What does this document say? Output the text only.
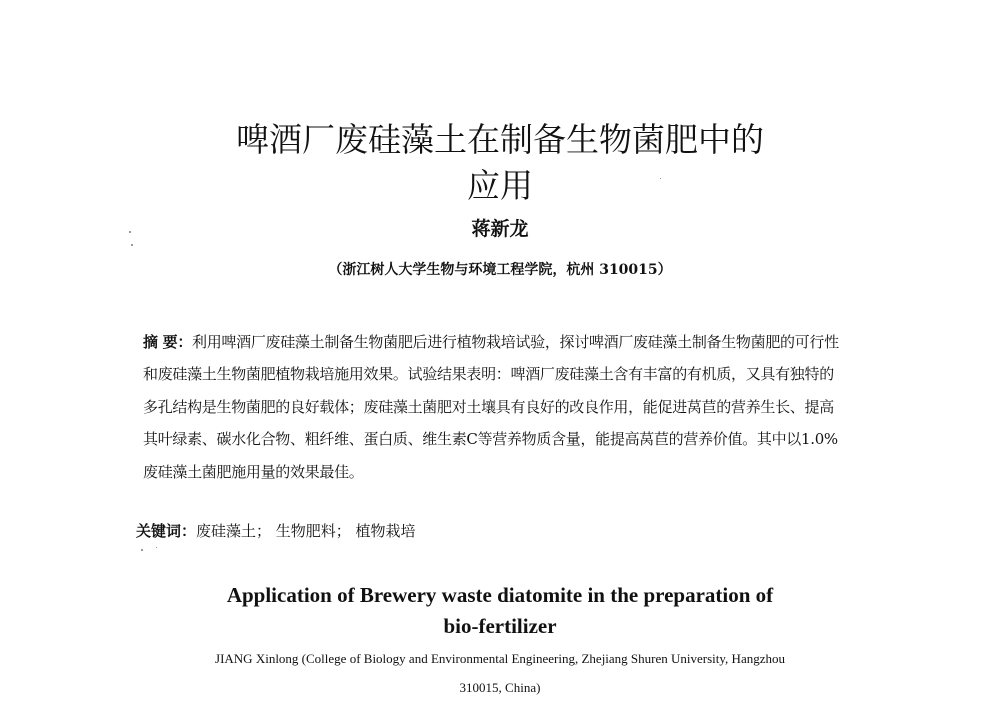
啤酒厂废硅藻土在制备生物菌肥中的
应用
蒋新龙
（浙江树人大学生物与环境工程学院，杭州 310015）
摘 要：利用啤酒厂废硅藻土制备生物菌肥后进行植物栽培试验，探讨啤酒厂废硅藻土制备生物菌肥的可行性和废硅藻土生物菌肥植物栽培施用效果。试验结果表明：啤酒厂废硅藻土含有丰富的有机质，又具有独特的多孔结构是生物菌肥的良好载体；废硅藻土菌肥对土壤具有良好的改良作用，能促进莴苣的营养生长、提高其叶绿素、碳水化合物、粗纤维、蛋白质、维生素C等营养物质含量，能提高莴苣的营养价值。其中以1.0%废硅藻土菌肥施用量的效果最佳。
关键词：废硅藻土； 生物肥料； 植物栽培
Application of Brewery waste diatomite in the preparation of
bio-fertilizer
JIANG Xinlong (College of Biology and Environmental Engineering, Zhejiang Shuren University, Hangzhou
310015, China)
